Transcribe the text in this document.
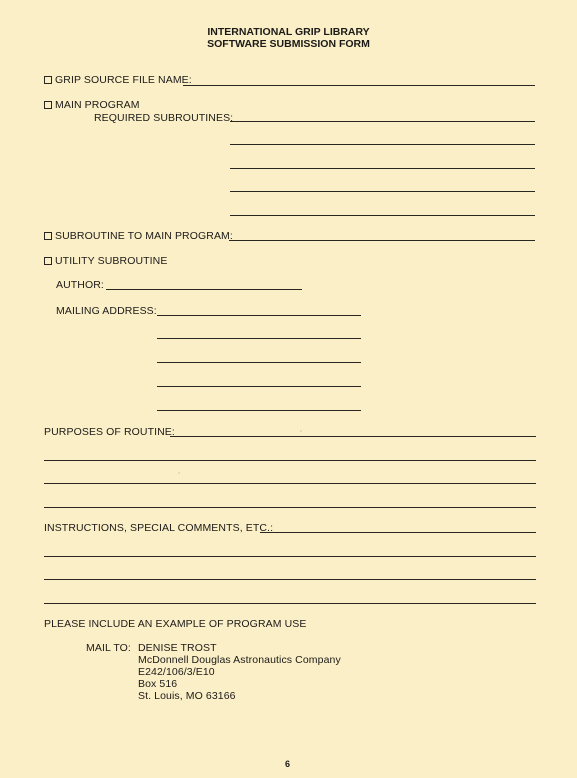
INTERNATIONAL GRIP LIBRARY
SOFTWARE SUBMISSION FORM
GRIP SOURCE FILE NAME:
MAIN PROGRAM
REQUIRED SUBROUTINES:
SUBROUTINE TO MAIN PROGRAM:
UTILITY SUBROUTINE
AUTHOR:
MAILING ADDRESS:
PURPOSES OF ROUTINE:
INSTRUCTIONS, SPECIAL COMMENTS, ETC.:
PLEASE INCLUDE AN EXAMPLE OF PROGRAM USE
MAIL TO: DENISE TROST
McDonnell Douglas Astronautics Company
E242/106/3/E10
Box 516
St. Louis, MO 63166
6
